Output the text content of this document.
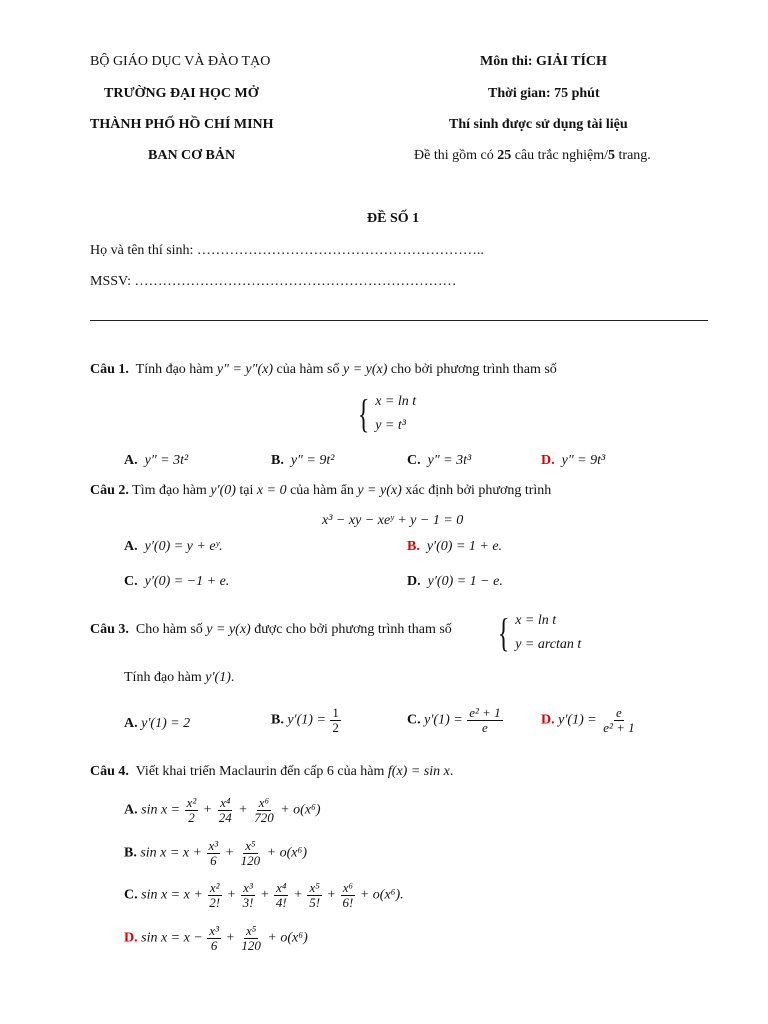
BỘ GIÁO DỤC VÀ ĐÀO TẠO
TRƯỜNG ĐẠI HỌC MỞ
THÀNH PHỐ HỒ CHÍ MINH
BAN CƠ BẢN
Môn thi: GIẢI TÍCH
Thời gian: 75 phút
Thí sinh được sử dụng tài liệu
Đề thi gồm có 25 câu trắc nghiệm/5 trang.
ĐỀ SỐ 1
Họ và tên thí sinh: ……………………………………………………..
MSSV: ……………………………………………………………
Câu 1. Tính đạo hàm y″ = y″(x) của hàm số y = y(x) cho bởi phương trình tham số
{ x = ln t
y = t³
A. y″ = 3t²	B. y″ = 9t²	C. y″ = 3t³	D. y″ = 9t³
Câu 2. Tìm đạo hàm y′(0) tại x = 0 của hàm ẩn y = y(x) xác định bởi phương trình
x³ − xy − xeʸ + y − 1 = 0
A. y′(0) = y + eʸ.	B. y′(0) = 1 + e.
C. y′(0) = −1 + e.	D. y′(0) = 1 − e.
Câu 3. Cho hàm số y = y(x) được cho bởi phương trình tham số { x = ln t
y = arctan t
Tính đạo hàm y′(1).
A. y′(1) = 2	B. $y'(1) = \frac{1}{2}$	C. $y'(1) = \frac{\text{e² + 1}}{e}$	D. $y'(1) = \frac{e}{\text{e² + 1}}$
Câu 4. Viết khai triển Maclaurin đến cấp 6 của hàm f(x) = sin x.
A. $\sin x = \frac{\text{x²}}{2} + \frac{\text{x⁴}}{24} + \frac{\text{x⁶}}{720} + o(x^6)$
B. $\sin x = x + \frac{\text{x³}}{6} + \frac{\text{x⁵}}{120} + o(x^6)$
C. $\sin x = x + \frac{\text{x²}}{2!} + \frac{\text{x³}}{3!} + \frac{\text{x⁴}}{4!} + \frac{\text{x⁵}}{5!} + \frac{\text{x⁶}}{6!} + o(x^6)$.
D. $\sin x = x - \frac{\text{x³}}{6} + \frac{\text{x⁵}}{120} + o(x^6)$
